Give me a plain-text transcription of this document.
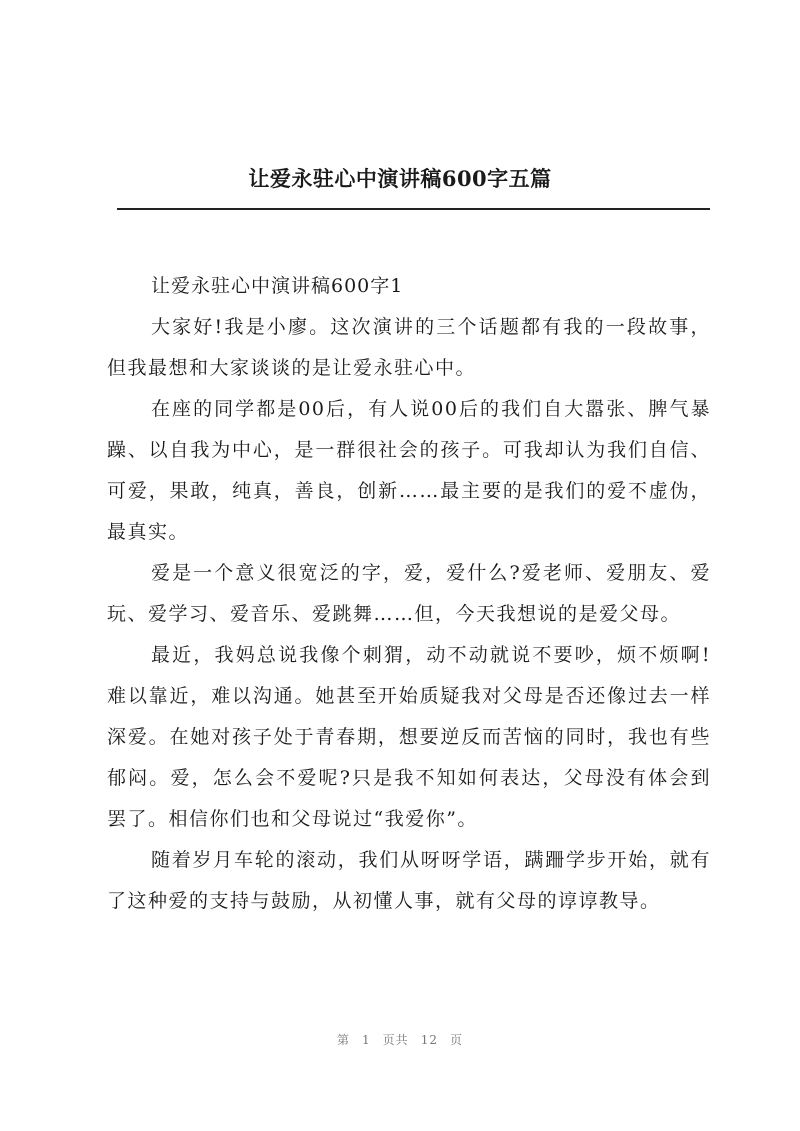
让爱永驻心中演讲稿600字五篇

让爱永驻心中演讲稿600字1

大家好!我是小廖。这次演讲的三个话题都有我的一段故事，但我最想和大家谈谈的是让爱永驻心中。

在座的同学都是00后，有人说00后的我们自大嚣张、脾气暴躁、以自我为中心，是一群很社会的孩子。可我却认为我们自信、可爱，果敢，纯真，善良，创新……最主要的是我们的爱不虚伪，最真实。

爱是一个意义很宽泛的字，爱，爱什么?爱老师、爱朋友、爱玩、爱学习、爱音乐、爱跳舞……但，今天我想说的是爱父母。

最近，我妈总说我像个刺猬，动不动就说不要吵，烦不烦啊!难以靠近，难以沟通。她甚至开始质疑我对父母是否还像过去一样深爱。在她对孩子处于青春期，想要逆反而苦恼的同时，我也有些郁闷。爱，怎么会不爱呢?只是我不知如何表达，父母没有体会到罢了。相信你们也和父母说过“我爱你”。

随着岁月车轮的滚动，我们从呀呀学语，蹒跚学步开始，就有了这种爱的支持与鼓励，从初懂人事，就有父母的谆谆教导。

第 1 页共 12 页
